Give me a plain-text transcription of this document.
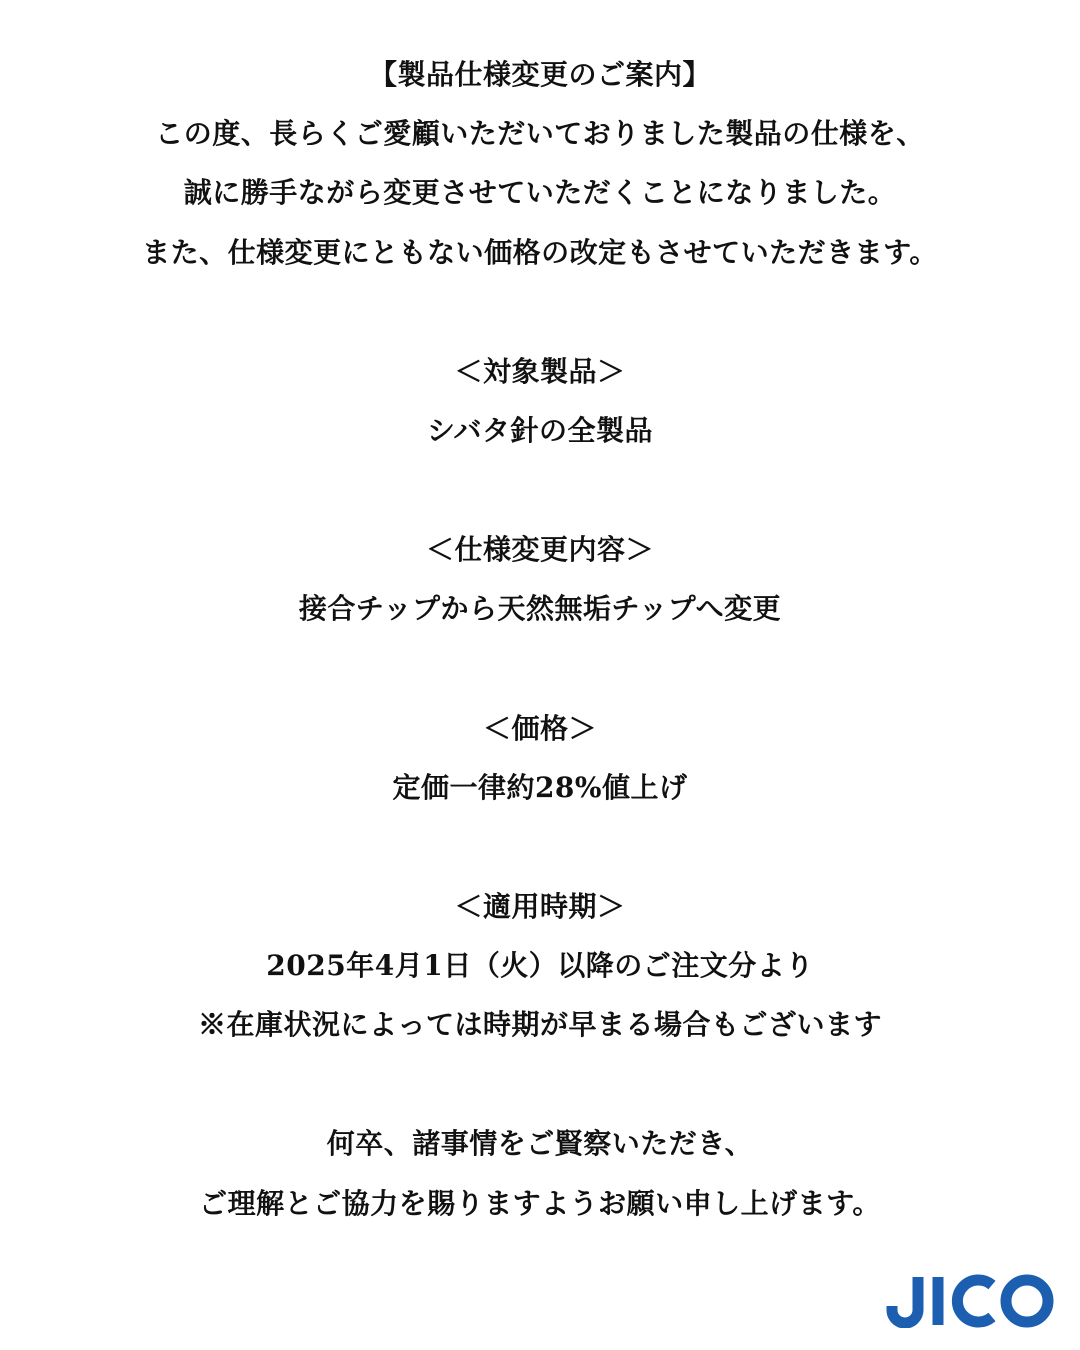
【製品仕様変更のご案内】
この度、長らくご愛顧いただいておりました製品の仕様を、
誠に勝手ながら変更させていただくことになりました。
また、仕様変更にともない価格の改定もさせていただきます。
＜対象製品＞
シバタ針の全製品
＜仕様変更内容＞
接合チップから天然無垢チップへ変更
＜価格＞
定価一律約28%値上げ
＜適用時期＞
2025年4月1日（火）以降のご注文分より
※在庫状況によっては時期が早まる場合もございます
何卒、諸事情をご賢察いただき、
ご理解とご協力を賜りますようお願い申し上げます。
